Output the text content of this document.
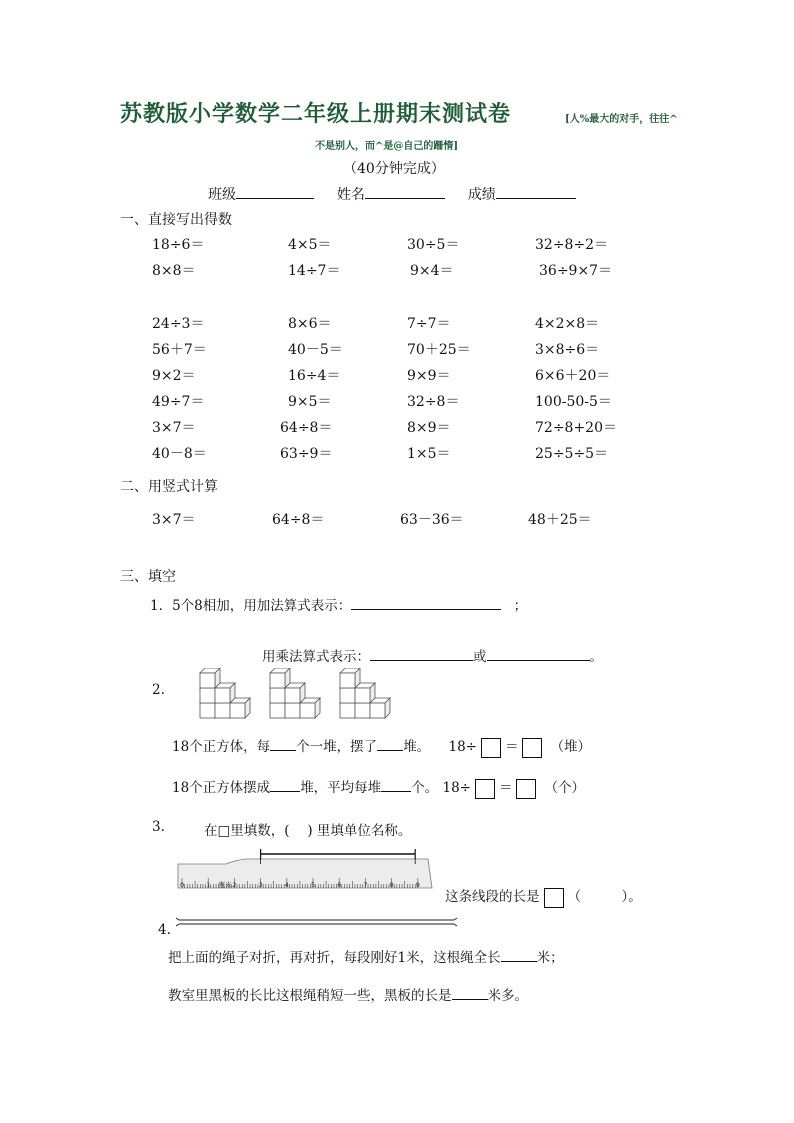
苏教版小学数学二年级上册期末测试卷	[人%最大的对手，往往^
不是别人，而^是@自己的跚惰]
（40分钟完成）
班级	姓名	成绩
一、直接写出得数
18÷6＝	4×5＝	30÷5＝	32÷8÷2＝
8×8＝	14÷7＝	9×4＝	36÷9×7＝
24÷3＝	8×6＝	7÷7＝	4×2×8＝
56＋7＝	40－5＝	70＋25＝	3×8÷6＝
9×2＝	16÷4＝	9×9＝	6×6＋20＝
49÷7＝	9×5＝	32÷8＝	100-50-5＝
3×7＝	64÷8＝	8×9＝	72÷8+20＝
40－8＝	63÷9＝	1×5＝	25÷5÷5＝
二、用竖式计算
3×7＝	64÷8＝	63－36＝	48＋25＝
三、填空
1．5个8相加，用加法算式表示：	；
用乘法算式表示：	或	。
2.
18个正方体，每 个一堆，摆了 堆。 18÷ ＝ （堆）
18个正方体摆成 堆，平均每堆 个。 18÷ ＝ （个）
3.	在□里填数，(　 ) 里填单位名称。
0	1 厘米 2	3	4	5	6	7	8	9
这条线段的长是 （　　　）。
4.
把上面的绳子对折，再对折，每段刚好1米，这根绳全长	米；
教室里黑板的长比这根绳稍短一些，黑板的长是	米多。
